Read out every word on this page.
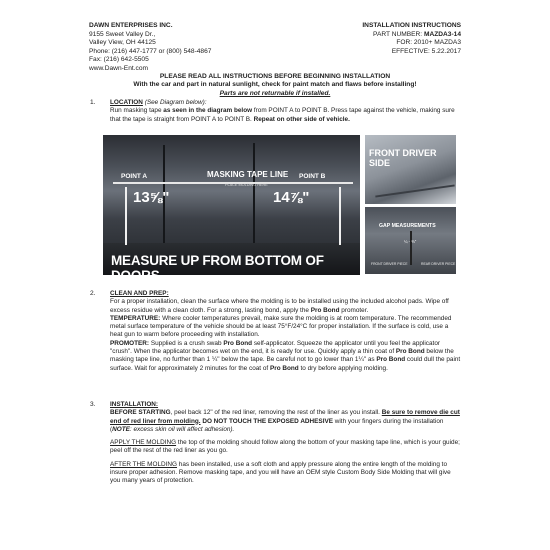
DAWN ENTERPRISES INC.
9155 Sweet Valley Dr.,
Valley View, OH 44125
Phone: (216) 447-1777 or (800) 548-4867
Fax: (216) 642-5505
www.Dawn-Ent.com
INSTALLATION INSTRUCTIONS
PART NUMBER: MAZDA3-14
FOR: 2010+ MAZDA3
EFFECTIVE: 5.22.2017
PLEASE READ ALL INSTRUCTIONS BEFORE BEGINNING INSTALLATION
With the car and part in natural sunlight, check for paint match and flaws before installing!
Parts are not returnable if installed.
1. LOCATION (See Diagram below):

Run masking tape as seen in the diagram below from POINT A to POINT B. Press tape against the vehicle, making sure that the tape is straight from POINT A to POINT B. Repeat on other side of vehicle.

POINT A	POINT B
MASKING TAPE LINE
PLACE MOLDING HERE
13⅝"	14⅞"
MEASURE UP FROM BOTTOM OF DOORS
FRONT DRIVER SIDE
GAP MEASUREMENTS
¼ - ⅜"
FRONT DRIVER PIECE	REAR DRIVER PIECE
2. CLEAN AND PREP:

For a proper installation, clean the surface where the molding is to be installed using the included alcohol pads. Wipe off excess residue with a clean cloth. For a strong, lasting bond, apply the Pro Bond promoter.

TEMPERATURE: Where cooler temperatures prevail, make sure the molding is at room temperature. The recommended metal surface temperature of the vehicle should be at least 75°F/24°C for proper installation. If the surface is cold, use a heat gun to warm before proceeding with installation.

PROMOTER: Supplied is a crush swab Pro Bond self-applicator. Squeeze the applicator until you feel the applicator "crush". When the applicator becomes wet on the end, it is ready for use. Quickly apply a thin coat of Pro Bond below the masking tape line, no further than 1 ¼" below the tape. Be careful not to go lower than 1¼" as Pro Bond could dull the paint surface. Wait for approximately 2 minutes for the coat of Pro Bond to dry before applying molding.

3. INSTALLATION:

BEFORE STARTING, peel back 12" of the red liner, removing the rest of the liner as you install. Be sure to remove die cut end of red liner from molding. DO NOT TOUCH THE EXPOSED ADHESIVE with your fingers during the installation (NOTE: excess skin oil will affect adhesion).

APPLY THE MOLDING the top of the molding should follow along the bottom of your masking tape line, which is your guide; peel off the rest of the red liner as you go.

AFTER THE MOLDING has been installed, use a soft cloth and apply pressure along the entire length of the molding to insure proper adhesion. Remove masking tape, and you will have an OEM style Custom Body Side Molding that will give you many years of protection.
